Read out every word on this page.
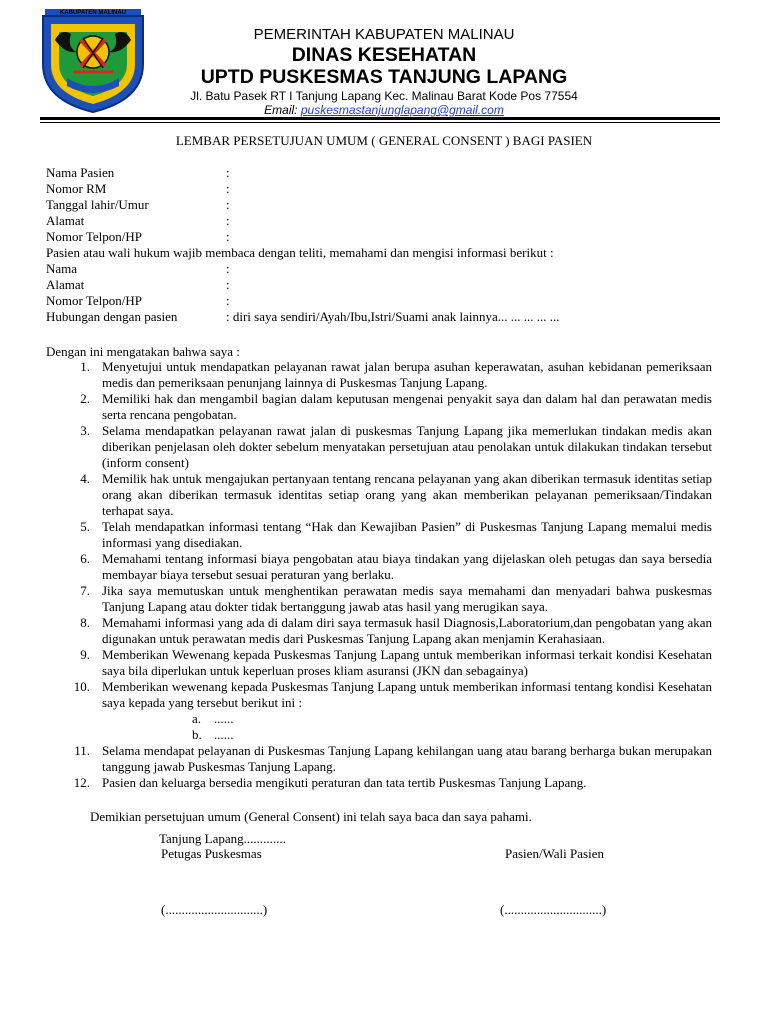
KABUPATEN MALINAU
PEMERINTAH KABUPATEN MALINAU
DINAS KESEHATAN
UPTD PUSKESMAS TANJUNG LAPANG
Jl. Batu Pasek RT I Tanjung Lapang Kec. Malinau Barat Kode Pos 77554
Email: puskesmastanjunglapang@gmail.com
LEMBAR PERSETUJUAN UMUM ( GENERAL CONSENT ) BAGI PASIEN
Nama Pasien	:
Nomor RM	:
Tanggal lahir/Umur	:
Alamat	:
Nomor Telpon/HP	:
Pasien atau wali hukum wajib membaca dengan teliti, memahami dan mengisi informasi berikut :
Nama	:
Alamat	:
Nomor Telpon/HP	:
Hubungan dengan pasien	: diri saya sendiri/Ayah/Ibu,Istri/Suami anak lainnya... ... ... ... ...
Dengan ini mengatakan bahwa saya :
1. Menyetujui untuk mendapatkan pelayanan rawat jalan berupa asuhan keperawatan, asuhan kebidanan pemeriksaan medis dan pemeriksaan penunjang lainnya di Puskesmas Tanjung Lapang.
2. Memiliki hak dan mengambil bagian dalam keputusan mengenai penyakit saya dan dalam hal dan perawatan medis serta rencana pengobatan.
3. Selama mendapatkan pelayanan rawat jalan di puskesmas Tanjung Lapang jika memerlukan tindakan medis akan diberikan penjelasan oleh dokter sebelum menyatakan persetujuan atau penolakan untuk dilakukan tindakan tersebut (inform consent)
4. Memilik hak untuk mengajukan pertanyaan tentang rencana pelayanan yang akan diberikan termasuk identitas setiap orang akan diberikan termasuk identitas setiap orang yang akan memberikan pelayanan pemeriksaan/Tindakan terhapat saya.
5. Telah mendapatkan informasi tentang “Hak dan Kewajiban Pasien” di Puskesmas Tanjung Lapang memalui medis informasi yang disediakan.
6. Memahami tentang informasi biaya pengobatan atau biaya tindakan yang dijelaskan oleh petugas dan saya bersedia membayar biaya tersebut sesuai peraturan yang berlaku.
7. Jika saya memutuskan untuk menghentikan perawatan medis saya memahami dan menyadari bahwa puskesmas Tanjung Lapang atau dokter tidak bertanggung jawab atas hasil yang merugikan saya.
8. Memahami informasi yang ada di dalam diri saya termasuk hasil Diagnosis,Laboratorium,dan pengobatan yang akan digunakan untuk perawatan medis dari Puskesmas Tanjung Lapang akan menjamin Kerahasiaan.
9. Memberikan Wewenang kepada Puskesmas Tanjung Lapang untuk memberikan informasi terkait kondisi Kesehatan saya bila diperlukan untuk keperluan proses kliam asuransi (JKN dan sebagainya)
10. Memberikan wewenang kepada Puskesmas Tanjung Lapang untuk memberikan informasi tentang kondisi Kesehatan saya kepada yang tersebut berikut ini :
a. ......
b. ......
11. Selama mendapat pelayanan di Puskesmas Tanjung Lapang kehilangan uang atau barang berharga bukan merupakan tanggung jawab Puskesmas Tanjung Lapang.
12. Pasien dan keluarga bersedia mengikuti peraturan dan tata tertib Puskesmas Tanjung Lapang.
Demikian persetujuan umum (General Consent) ini telah saya baca dan saya pahami.
Tanjung Lapang.............
Petugas Puskesmas	Pasien/Wali Pasien
(..............................)	(..............................)
